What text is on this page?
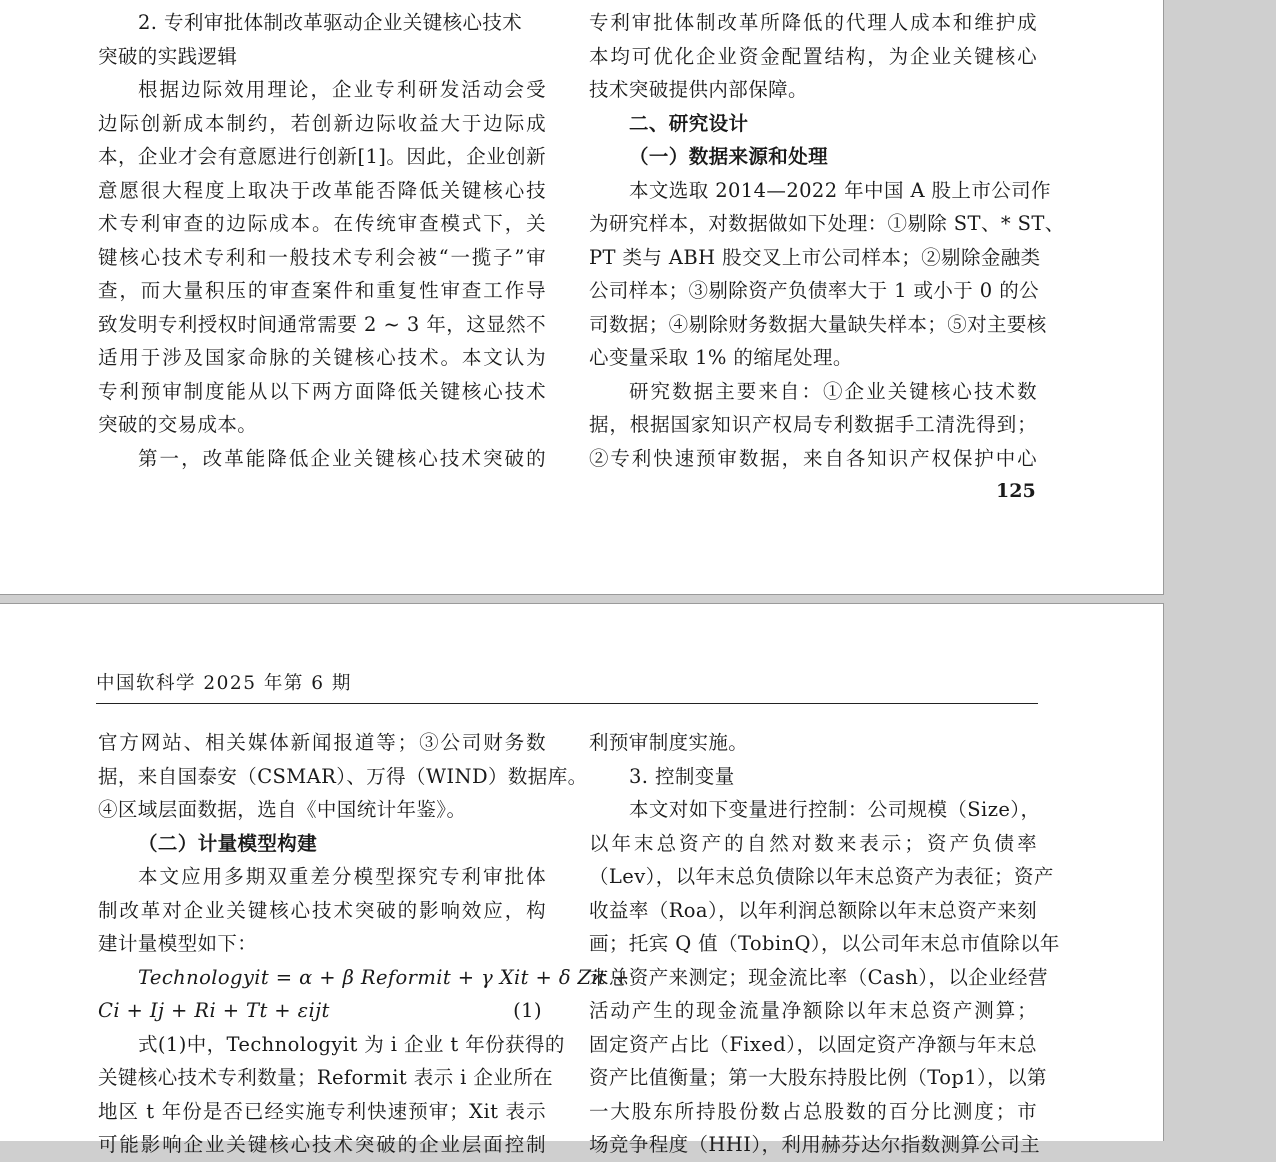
2. 专利审批体制改革驱动企业关键核心技术
突破的实践逻辑
根据边际效用理论，企业专利研发活动会受
边际创新成本制约，若创新边际收益大于边际成
本，企业才会有意愿进行创新[1]。因此，企业创新
意愿很大程度上取决于改革能否降低关键核心技
术专利审查的边际成本。在传统审查模式下，关
键核心技术专利和一般技术专利会被“一揽子”审
查，而大量积压的审查案件和重复性审查工作导
致发明专利授权时间通常需要 2 ~ 3 年，这显然不
适用于涉及国家命脉的关键核心技术。本文认为
专利预审制度能从以下两方面降低关键核心技术
突破的交易成本。
第一，改革能降低企业关键核心技术突破的
专利审批体制改革所降低的代理人成本和维护成
本均可优化企业资金配置结构，为企业关键核心
技术突破提供内部保障。
二、研究设计
（一）数据来源和处理
本文选取 2014—2022 年中国 A 股上市公司作
为研究样本，对数据做如下处理：①剔除 ST、* ST、
PT 类与 ABH 股交叉上市公司样本；②剔除金融类
公司样本；③剔除资产负债率大于 1 或小于 0 的公
司数据；④剔除财务数据大量缺失样本；⑤对主要核
心变量采取 1% 的缩尾处理。
研究数据主要来自：①企业关键核心技术数
据，根据国家知识产权局专利数据手工清洗得到；
②专利快速预审数据，来自各知识产权保护中心
125
中国软科学 2025 年第 6 期
官方网站、相关媒体新闻报道等；③公司财务数
据，来自国泰安（CSMAR）、万得（WIND）数据库。
④区域层面数据，选自《中国统计年鉴》。
（二）计量模型构建
本文应用多期双重差分模型探究专利审批体
制改革对企业关键核心技术突破的影响效应，构
建计量模型如下：
Technologyit = α + β Reformit + γ Xit + δ Zit +
Ci + Ij + Ri + Tt + εijt	(1)
式(1)中，Technologyit 为 i 企业 t 年份获得的
关键核心技术专利数量；Reformit 表示 i 企业所在
地区 t 年份是否已经实施专利快速预审；Xit 表示
可能影响企业关键核心技术突破的企业层面控制
利预审制度实施。
3. 控制变量
本文对如下变量进行控制：公司规模（Size），
以年末总资产的自然对数来表示；资产负债率
（Lev），以年末总负债除以年末总资产为表征；资产
收益率（Roa），以年利润总额除以年末总资产来刻
画；托宾 Q 值（TobinQ），以公司年末总市值除以年
末总资产来测定；现金流比率（Cash），以企业经营
活动产生的现金流量净额除以年末总资产测算；
固定资产占比（Fixed），以固定资产净额与年末总
资产比值衡量；第一大股东持股比例（Top1），以第
一大股东所持股份数占总股数的百分比测度；市
场竞争程度（HHI），利用赫芬达尔指数测算公司主
